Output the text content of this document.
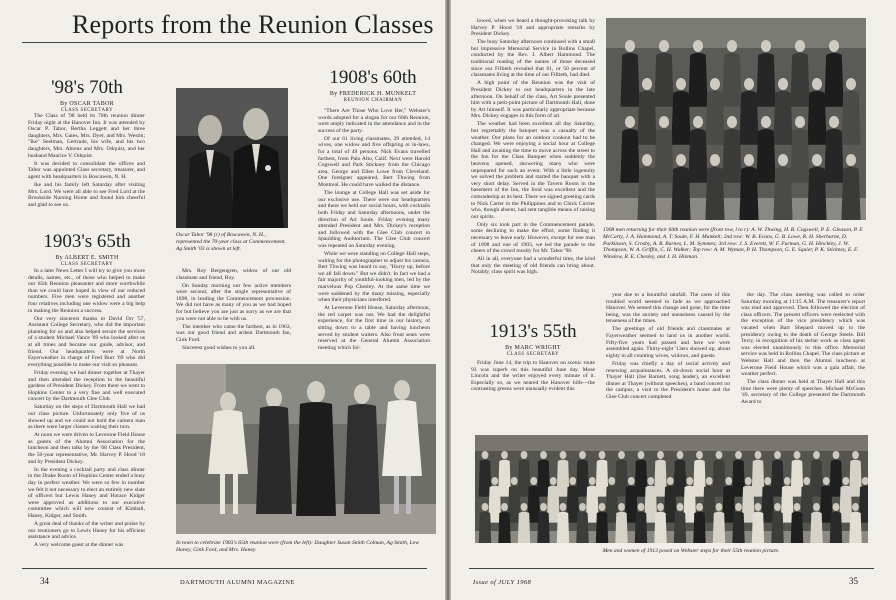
Reports from the Reunion Classes
'98's 70th
By OSCAR TABOR
CLASS SECRETARY

The Class of '98 held its 70th reunion dinner Friday night at the Hanover Inn. It was attended by Oscar P. Tabor, Bertha Leggett and her three daughters, Mrs. Gates, Mrs. Dyer, and Mrs. Westin; "Ike" Seelman, Gertrude, his wife, and his two daughters, Mrs. Ahrens and Mrs. Odquist, and her husband Maurice V. Odquist.

It was decided to consolidate the offices and Tabor was appointed Class secretary, treasurer, and agent with headquarters in Boscawen, N. H.

Ike and his family left Saturday after visiting Mrs. Lord. We were all able to see Fred Lord at the Brookside Nursing Home and found him cheerful and glad to see us.

Oscar Tabor '98 (r) of Boscawen, N. H., represented the 70-year class at Commencement. Ag Smith '03 is shown at left.
1908's 60th
By FREDERICK H. MUNKELT
REUNION CHAIRMAN

"There Are Those Who Love Her," Webster's words adopted for a slogan for our 60th Reunion, were amply indicated in the attendance and in the success of the party.

Of our 61 living classmates, 29 attended, 14 wives, one widow and five offspring or in-laws, for a total of 49 persons. Nick Evans travelled farthest, from Palo Alto, Calif. Next were Harold Cogswell and Park Stickney from the Chicago area, George and Ellen Lowe from Cleveland. One foreigner appeared, Bert Thwing from Montreal. He could have walked the distance.

The lounge at College Hall was set aside for our exclusive use. There were our headquarters and there we held our social hours, with cocktails both Friday and Saturday afternoons, under the direction of Art Soule. Friday evening many attended President and Mrs. Dickey's reception and followed with the Glee Club concert in Spaulding Auditorium. The Glee Club concert was repeated on Saturday evening.

While we were standing on College Hall steps, waiting for the photographer to adjust his camera, Bert Thwing was heard to say, "Hurry up, before we all fall down." But we didn't. In fact we had a fair majority of youthful-looking men, led by the marvelous Pop Chesley. At the same time we were saddened by the many missing, especially when their physicians interfered.

At Leverone Field House, Saturday afternoon, the red carpet was out. We had the delightful experience, for the first time in our history, of sitting down to a table and having luncheon served by student waiters. Also front seats were reserved at the General Alumni Association meeting which fol-

1903's 65th
By ALBERT E. SMITH
CLASS SECRETARY

In a later News Letter I will try to give you more details, names, etc., of those who helped to make our 65th Reunion pleasanter and more worthwhile than we could have hoped in view of our reduced numbers. Five men were registered and another four relatives including one widow were a big help in making the Reunion a success.

Our very sincerest thanks to David Orr '57, Assistant College Secretary, who did the important planning for us and also helped secure the services of a student Michael Vance '69 who looked after us at all times and became our guide, advisor, and friend. Our headquarters were at North Fayerweather in charge of Fred Burr '69 who did everything possible to make our visit so pleasant.

Friday evening we had dinner together at Thayer and then attended the reception in the beautiful gardens of President Dickey. From there we went to Hopkins Center to a very fine and well executed concert by the Dartmouth Glee Club.

Saturday on the steps of Dartmouth Hall we had our class picture. Unfortunately only five of us showed up and we could not hold the camera man as there were larger classes waiting their turn.

At noon we were driven to Leverone Field House as guests of the Alumni Association for the luncheon and then talks by the '68 Class President, the 50-year representative, Mr. Harvey P. Hood '18 and by President Dickey.

In the evening a cocktail party and class dinner in the Drake Room of Hopkins Center ended a busy day in perfect weather. We were so few in number we felt it not necessary to elect an entirely new slate of officers but Lewis Haney and Horace Kidger were approved as additions to our executive committee which will now consist of Kimball, Haney, Kidger, and Smith.

A great deal of thanks of the writer and praise by our reunioners go to Lewis Haney for his efficient assistance and advice.

A very welcome guest at the dinner was

Mrs. Roy Bergengren, widow of our old classmate and friend, Roy.

On Sunday morning our few active members were second, after the single representative of 1898, in leading the Commencement procession. We did not have as many of you as we had hoped for but believe you are just as sorry as we are that you were not able to be with us.

The member who came the farthest, as in 1963, was our good friend and ardent Dartmouth fan, Gink Ford.

Sincerest good wishes to you all.

In town to celebrate 1903's 65th reunion were (from the left): Daughter Susan Smith Colman, Ag Smith, Lew Haney, Gink Ford, and Mrs. Haney.
34	DARTMOUTH ALUMNI MAGAZINE

lowed, when we heard a thought-provoking talk by Harvey P. Hood '18 and appropriate remarks by President Dickey.

The busy Saturday afternoon continued with a small but impressive Memorial Service in Rollins Chapel, conducted by the Rev. J. Albert Hammond. The traditional reading of the names of those deceased since our Fiftieth revealed that 61, or 50 percent of classmates living at the time of our Fiftieth, had died.

A high point of the Reunion was the visit of President Dickey to our headquarters in the late afternoon. On behalf of the class, Art Soule presented him with a petit-point picture of Dartmouth Hall, done by Art himself. It was particularly appropriate because Mrs. Dickey engages in this form of art.

The weather had been excellent all day Saturday, but regrettably the banquet was a casualty of the weather. Our plans for an outdoor cookout had to be changed. We were enjoying a social hour at College Hall and awaiting the time to move across the street to the Inn for the Class Banquet when suddenly the heavens opened, showering many who were unprepared for such an event. With a little ingenuity we solved the problem and started the banquet with a very short delay. Served in the Tavern Room in the basement of the Inn, the food was excellent and the comradeship at its best. There we signed greeting cards to Nick Carter in the Philippines and to Chick Currier who, though absent, had sent tangible means of raising our spirits.

Only six took part in the Commencement parade, some declining to make the effort, some finding it necessary to leave early. However, except for one man of 1898 and one of 1903, we led the parade to the cheers of the crowd mostly for Mr. Tabor '98.

All in all, everyone had a wonderful time, the kind that only the meeting of old friends can bring about. Notably, class spirit was high.

1908 men returning for their 60th reunion were (front row, l to r): A. W. Thwing, H. B. Cogswell, P. E. Gleason, P. F. McCarty, J. A. Hammond, A. T. Soule, F. H. Munkelt; 2nd row: W. B. Evans, G. B. Lowe, R. H. Sherburne, D. Parkinson, S. Crosby, A. B. Barnes, L. M. Symmes; 3rd row: J. S. Everett, W. F. Furman, G. H. Hinckley, J. W. Thompson, W. A. Griffin, C. H. Walker; Top row: A. M. Wyman, P. H. Thompson, G. E. Squier, P. K. Stickney, E. F. Winslow, R. E. Chesley, and J. H. Hinman.
1913's 55th
By MARC WRIGHT
CLASS SECRETARY

Friday June 14, the trip to Hanover on scenic route 93 was superb on this beautiful June day. Mose Lincoln and the writer enjoyed every minute of it. Especially so, as we neared the Hanover hills—the contrasting greens were unusually evident this

year due to a bountiful rainfall. The cares of this troubled world seemed to fade as we approached Hanover. We sensed this change and gone, for the time being, was the anxiety and uneasiness caused by the tenseness of the times.

The greetings of old friends and classmates at Fayerweather seemed to land us in another world. Fifty-five years had passed and here we were assembled again. Thirty-eight '13ers showed up, about eighty in all counting wives, widows, and guests.

Friday was chiefly a day of social activity and renewing acquaintances. A sit-down social hour at Thayer Hall (Joe Barnett, song leader), an excellent dinner at Thayer (without speeches), a band concert on the campus, a visit to the President's home and the Glee Club concert completed

the day. The class meeting was called to order Saturday morning at 11:15 A.M. The treasurer's report was read and approved. Then followed the election of class officers. The present officers were reelected with the exception of the vice presidency which was vacated when Bart Shepard moved up to the presidency owing to the death of George Steele. Bill Terry, in recognition of his stellar work as class agent was elected unanimously to this office. Memorial service was held in Rollins Chapel. The class picture at Webster Hall and then the Alumni luncheon at Leverone Field House which was a gala affair, the weather perfect.

The class dinner was held at Thayer Hall and this time there were plenty of speeches. Michael McGean '49, secretary of the College presented the Dartmouth Award to

Men and women of 1913 posed on Webster steps for their 55th reunion picture.
Issue of JULY 1968	35
